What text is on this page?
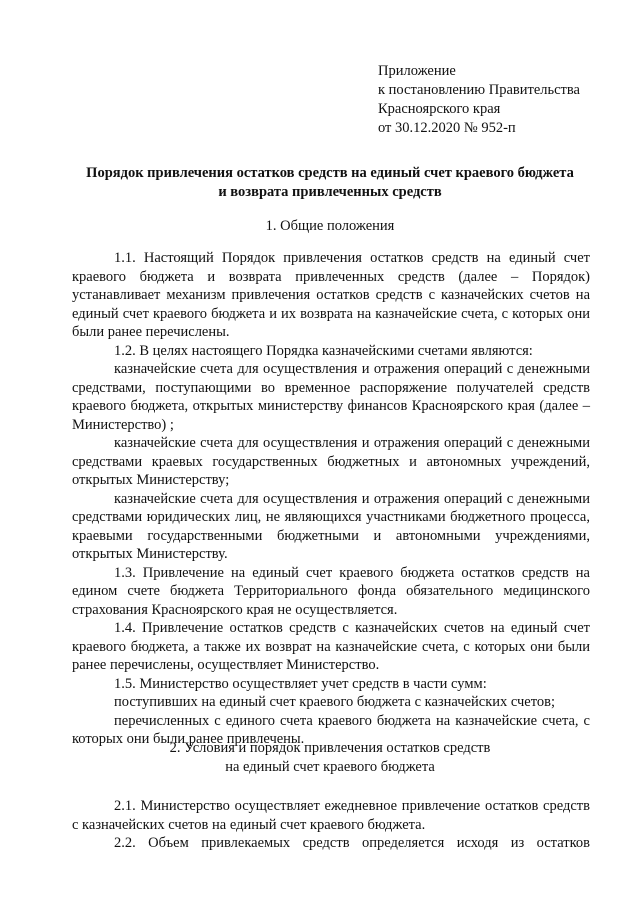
Приложение
к постановлению Правительства
Красноярского края
от 30.12.2020 № 952-п
Порядок привлечения остатков средств на единый счет краевого бюджета
и возврата привлеченных средств
1. Общие положения

1.1. Настоящий Порядок привлечения остатков средств на единый счет краевого бюджета и возврата привлеченных средств (далее – Порядок) устанавливает механизм привлечения остатков средств с казначейских счетов на единый счет краевого бюджета и их возврата на казначейские счета, с которых они были ранее перечислены.

1.2. В целях настоящего Порядка казначейскими счетами являются:

казначейские счета для осуществления и отражения операций с денежными средствами, поступающими во временное распоряжение получателей средств краевого бюджета, открытых министерству финансов Красноярского края (далее – Министерство) ;

казначейские счета для осуществления и отражения операций с денежными средствами краевых государственных бюджетных и автономных учреждений, открытых Министерству;

казначейские счета для осуществления и отражения операций с денежными средствами юридических лиц, не являющихся участниками бюджетного процесса, краевыми государственными бюджетными и автономными учреждениями, открытых Министерству.

1.3. Привлечение на единый счет краевого бюджета остатков средств на едином счете бюджета Территориального фонда обязательного медицинского страхования Красноярского края не осуществляется.

1.4. Привлечение остатков средств с казначейских счетов на единый счет краевого бюджета, а также их возврат на казначейские счета, с которых они были ранее перечислены, осуществляет Министерство.

1.5. Министерство осуществляет учет средств в части сумм:

поступивших на единый счет краевого бюджета с казначейских счетов;

перечисленных с единого счета краевого бюджета на казначейские счета, с которых они были ранее привлечены.

2. Условия и порядок привлечения остатков средств
на единый счет краевого бюджета

2.1. Министерство осуществляет ежедневное привлечение остатков средств с казначейских счетов на единый счет краевого бюджета.

2.2. Объем привлекаемых средств определяется исходя из остатков
